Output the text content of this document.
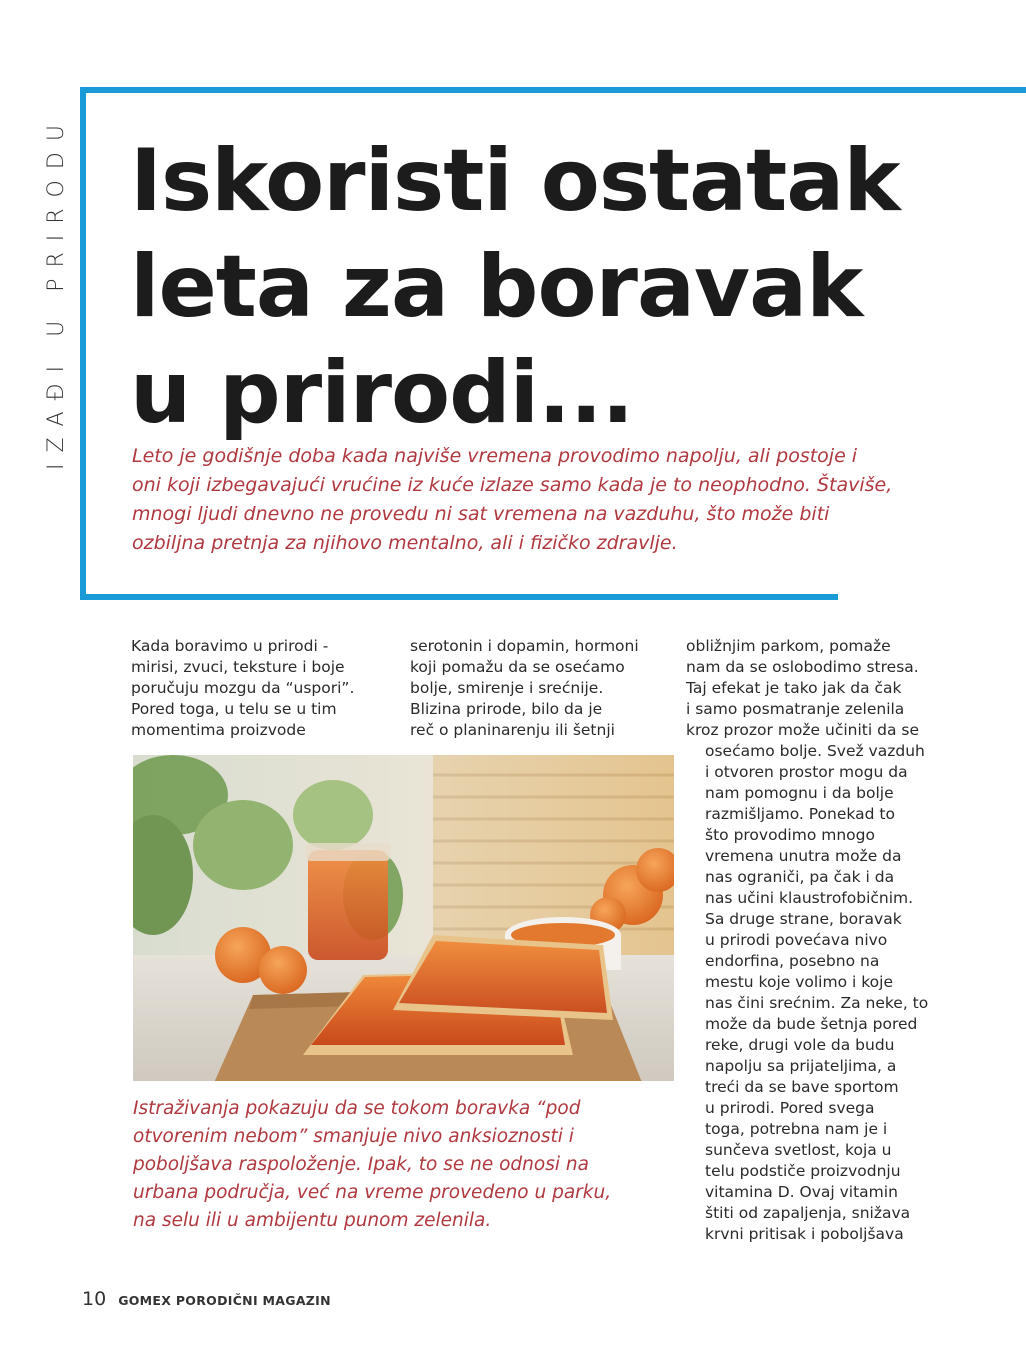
IZAĐI U PRIRODU Iskoristi ostatak
leta za boravak
u prirodi...

Leto je godišnje doba kada najviše vremena provodimo napolju, ali postoje i
oni koji izbegavajući vrućine iz kuće izlaze samo kada je to neophodno. Štaviše,
mnogi ljudi dnevno ne provedu ni sat vremena na vazduhu, što može biti
ozbiljna pretnja za njihovo mentalno, ali i fizičko zdravlje.

Kada boravimo u prirodi -
mirisi, zvuci, teksture i boje
poručuju mozgu da “uspori”.
Pored toga, u telu se u tim
momentima proizvode
serotonin i dopamin, hormoni
koji pomažu da se osećamo
bolje, smirenje i srećnije.
Blizina prirode, bilo da je
reč o planinarenju ili šetnji
obližnjim parkom, pomaže
nam da se oslobodimo stresa.
Taj efekat je tako jak da čak
i samo posmatranje zelenila
kroz prozor može učiniti da se
osećamo bolje. Svež vazduh
i otvoren prostor mogu da
nam pomognu i da bolje
razmišljamo. Ponekad to
što provodimo mnogo
vremena unutra može da
nas ograniči, pa čak i da
nas učini klaustrofobičnim.
Sa druge strane, boravak
u prirodi povećava nivo
endorfina, posebno na
mestu koje volimo i koje
nas čini srećnim. Za neke, to
može da bude šetnja pored
reke, drugi vole da budu
napolju sa prijateljima, a
treći da se bave sportom
u prirodi. Pored svega
toga, potrebna nam je i
sunčeva svetlost, koja u
telu podstiče proizvodnju
vitamina D. Ovaj vitamin
štiti od zapaljenja, snižava
krvni pritisak i poboljšava
Istraživanja pokazuju da se tokom boravka “pod
otvorenim nebom” smanjuje nivo anksioznosti i
poboljšava raspoloženje. Ipak, to se ne odnosi na
urbana područja, već na vreme provedeno u parku,
na selu ili u ambijentu punom zelenila.
10 GOMEX PORODIČNI MAGAZIN
